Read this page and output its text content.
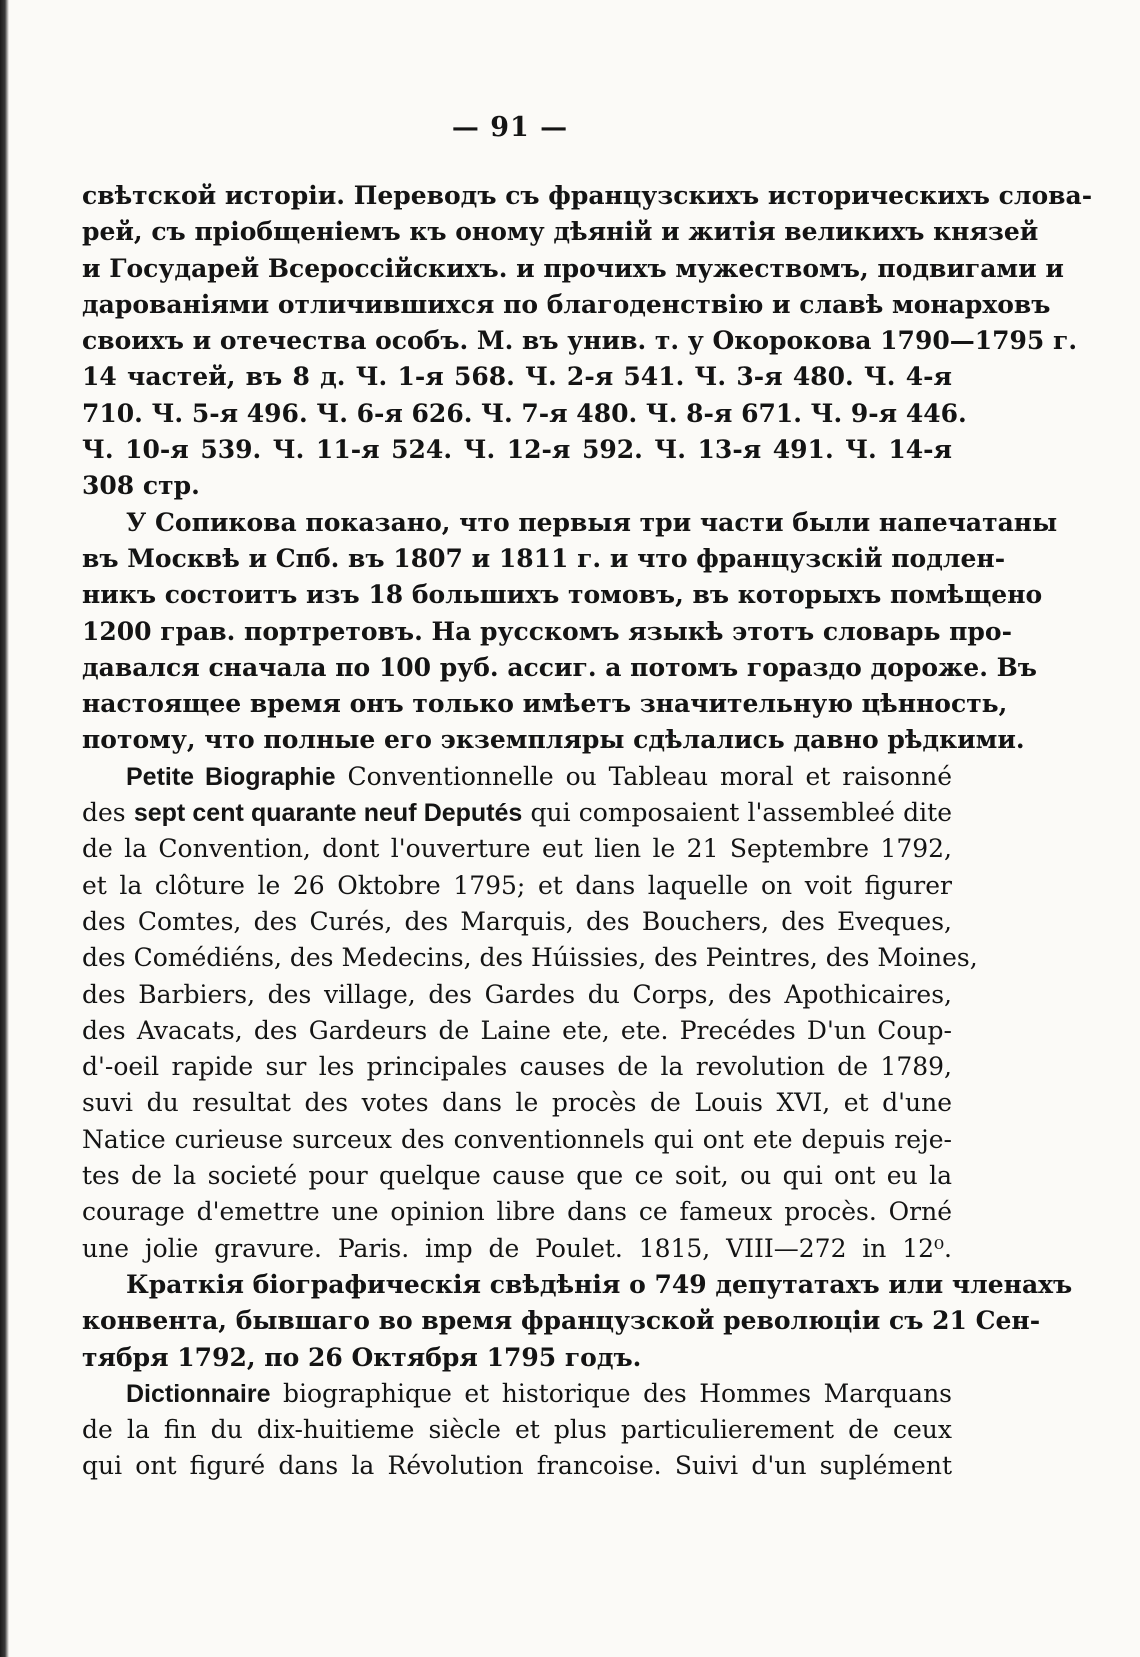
— 91 —
свѣтской исторіи. Переводъ съ французскихъ историческихъ слова-
рей, съ пріобщеніемъ къ оному дѣяній и житія великихъ князей
и Государей Всероссійскихъ. и прочихъ мужествомъ, подвигами и
дарованіями отличившихся по благоденствію и славѣ монарховъ
своихъ и отечества особъ. М. въ унив. т. у Окорокова 1790—1795 г.
14 частей, въ 8 д. Ч. 1-я 568. Ч. 2-я 541. Ч. 3-я 480. Ч. 4-я
710. Ч. 5-я 496. Ч. 6-я 626. Ч. 7-я 480. Ч. 8-я 671. Ч. 9-я 446.
Ч. 10-я 539. Ч. 11-я 524. Ч. 12-я 592. Ч. 13-я 491. Ч. 14-я
308 стр.
У Сопикова показано, что первыя три части были напечатаны
въ Москвѣ и Спб. въ 1807 и 1811 г. и что французскій подлен-
никъ состоитъ изъ 18 большихъ томовъ, въ которыхъ помѣщено
1200 грав. портретовъ. На русскомъ языкѣ этотъ словарь про-
давался сначала по 100 руб. ассиг. а потомъ гораздо дороже. Въ
настоящее время онъ только имѣетъ значительную цѣнность,
потому, что полные его экземпляры сдѣлались давно рѣдкими.
Petite Biographie Conventionnelle ou Tableau moral et raisonné
des sept cent quarante neuf Deputés qui composaient l'assembleé dite
de la Convention, dont l'ouverture eut lien le 21 Septembre 1792,
et la clôture le 26 Oktobre 1795; et dans laquelle on voit figurer
des Comtes, des Curés, des Marquis, des Bouchers, des Eveques,
des Comédiéns, des Medecins, des Húissies, des Peintres, des Moines,
des Barbiers, des village, des Gardes du Corps, des Apothicaires,
des Avacats, des Gardeurs de Laine ete, ete. Precédes D'un Coup-
d'-oeil rapide sur les principales causes de la revolution de 1789,
suvi du resultat des votes dans le procès de Louis XVI, et d'une
Natice curieuse surceux des conventionnels qui ont ete depuis reje-
tes de la societé pour quelque cause que ce soit, ou qui ont eu la
courage d'emettre une opinion libre dans ce fameux procès. Orné
une jolie gravure. Paris. imp de Poulet. 1815, VIII—272 in 12⁰.
Краткія біографическія свѣдѣнія о 749 депутатахъ или членахъ
конвента, бывшаго во время французской революціи съ 21 Сен-
тября 1792, по 26 Октября 1795 годъ.
Dictionnaire biographique et historique des Hommes Marquans
de la fin du dix-huitieme siècle et plus particulierement de ceux
qui ont figuré dans la Révolution francoise. Suivi d'un suplément
